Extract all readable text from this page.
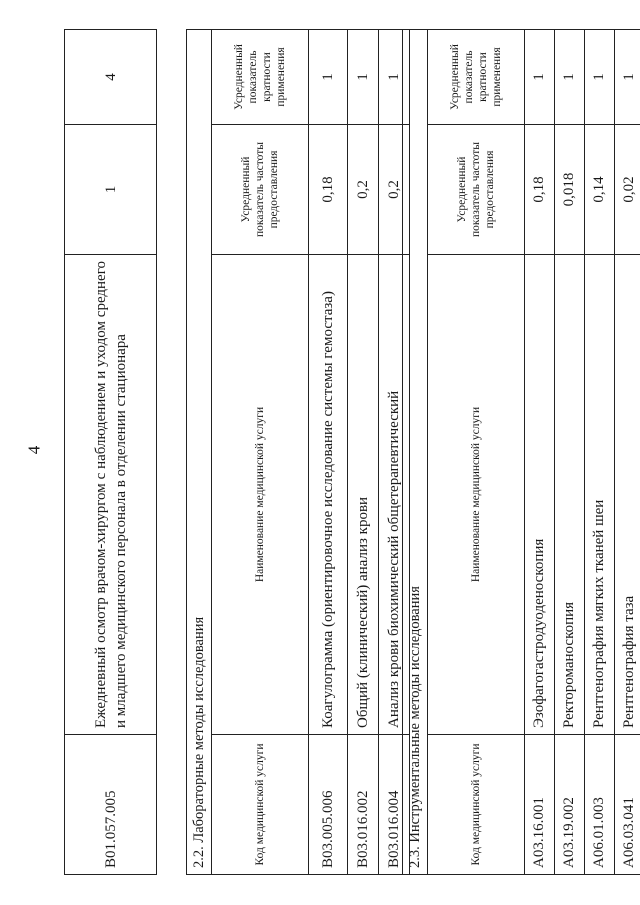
4
B01.057.005	Ежедневный осмотр врачом-хирургом с наблюдением и уходом среднего и младшего медицинского персонала в отделении стационара	1	4
2.2. Лабораторные методы исследования			
Код медицинской услуги	Наименование медицинской услуги	Усредненный показатель частоты предоставления	Усредненный показатель кратности применения
B03.005.006	Коагулограмма (ориентировочное исследование системы гемостаза)	0,18	1
B03.016.002	Общий (клинический) анализ крови	0,2	1
B03.016.004	Анализ крови биохимический общетерапевтический	0,2	1
2.3. Инструментальные методы исследования			
Код медицинской услуги	Наименование медицинской услуги	Усредненный показатель частоты предоставления	Усредненный показатель кратности применения
A03.16.001	Эзофагогастродуоденоскопия	0,18	1
A03.19.002	Ректороманоскопия	0,018	1
A06.01.003	Рентгенография мягких тканей шеи	0,14	1
A06.03.041	Рентгенография таза	0,02	1
